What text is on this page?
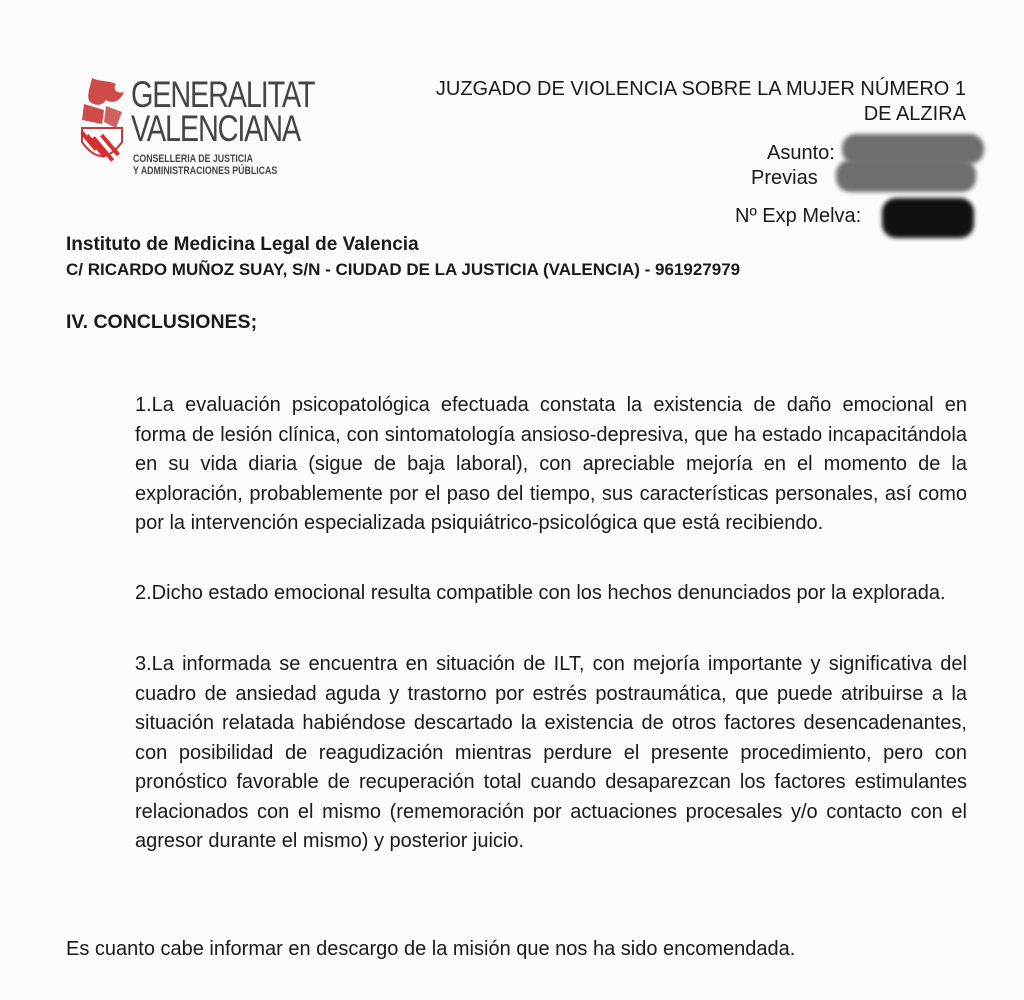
GENERALITAT
VALENCIANA
CONSELLERIA DE JUSTICIA
Y ADMINISTRACIONES PÚBLICAS
JUZGADO DE VIOLENCIA SOBRE LA MUJER NÚMERO 1
DE ALZIRA
Asunto:
Previas
Nº Exp Melva:
Instituto de Medicina Legal de Valencia
C/ RICARDO MUÑOZ SUAY, S/N - CIUDAD DE LA JUSTICIA (VALENCIA) - 961927979
IV. CONCLUSIONES;

1.La evaluación psicopatológica efectuada constata la existencia de daño emocional en forma de lesión clínica, con sintomatología ansioso-depresiva, que ha estado incapacitándola en su vida diaria (sigue de baja laboral), con apreciable mejoría en el momento de la exploración, probablemente por el paso del tiempo, sus características personales, así como por la intervención especializada psiquiátrico-psicológica que está recibiendo.

2.Dicho estado emocional resulta compatible con los hechos denunciados por la explorada.

3.La informada se encuentra en situación de ILT, con mejoría importante y significativa del cuadro de ansiedad aguda y trastorno por estrés postraumática, que puede atribuirse a la situación relatada habiéndose descartado la existencia de otros factores desencadenantes, con posibilidad de reagudización mientras perdure el presente procedimiento, pero con pronóstico favorable de recuperación total cuando desaparezcan los factores estimulantes relacionados con el mismo (rememoración por actuaciones procesales y/o contacto con el agresor durante el mismo) y posterior juicio.

Es cuanto cabe informar en descargo de la misión que nos ha sido encomendada.
